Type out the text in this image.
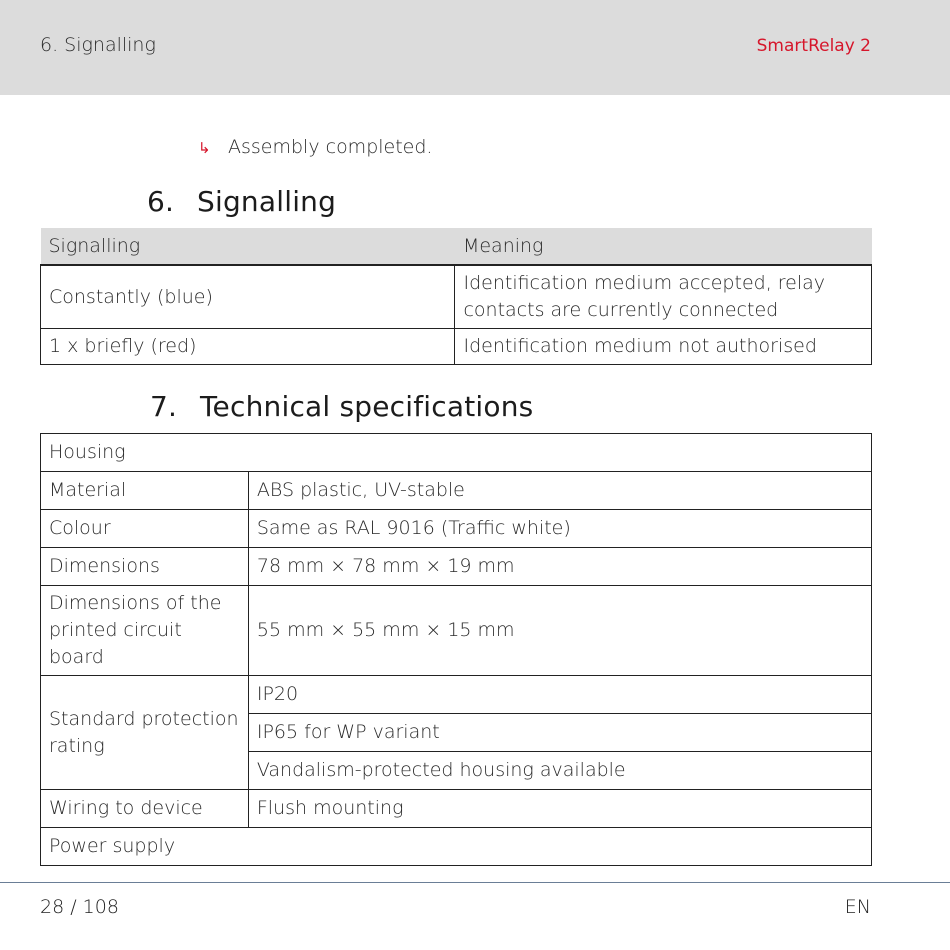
6. Signalling	SmartRelay 2
↳ Assembly completed.
6. Signalling
Signalling	Meaning
Constantly (blue)	Identification medium accepted, relay
contacts are currently connected
1 x briefly (red)	Identification medium not authorised
7. Technical specifications
Housing	
Material	ABS plastic, UV-stable
Colour	Same as RAL 9016 (Traffic white)
Dimensions	78 mm × 78 mm × 19 mm
Dimensions of the
printed circuit board	55 mm × 55 mm × 15 mm
Standard protection
rating	IP20
	IP65 for WP variant
	Vandalism-protected housing available
Wiring to device	Flush mounting
Power supply	
28 / 108	EN
